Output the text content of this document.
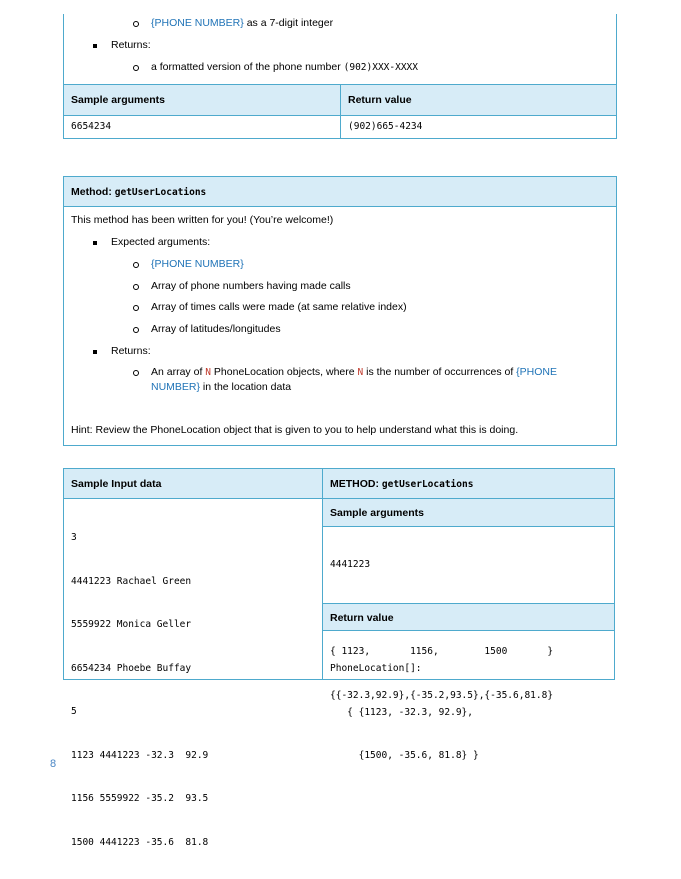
{PHONE NUMBER} as a 7-digit integer
Returns:
a formatted version of the phone number (902)XXX-XXXX
Sample arguments	Return value
6654234	(902)665-4234
Method: getUserLocations
This method has been written for you! (You’re welcome!)
Expected arguments:
{PHONE NUMBER}
Array of phone numbers having made calls
Array of times calls were made (at same relative index)
Array of latitudes/longitudes
Returns:
An array of N PhoneLocation objects, where N is the number of occurrences of {PHONE
NUMBER} in the location data
Hint: Review the PhoneLocation object that is given to you to help understand what this is doing.
Sample Input data

3

4441223 Rachael Green

5559922 Monica Geller

6654234 Phoebe Buffay

5

1123 4441223 -32.3  92.9

1156 5559922 -35.2  93.5

1500 4441223 -35.6  81.8

METHOD: getUserLocations
Sample arguments

4441223

{ 1123,       1156,        1500       }

{{-32.3,92.9},{-35.2,93.5},{-35.6,81.8}

Return value

PhoneLocation[]:

{ {1123, -32.3, 92.9},

{1500, -35.6, 81.8} }

8
